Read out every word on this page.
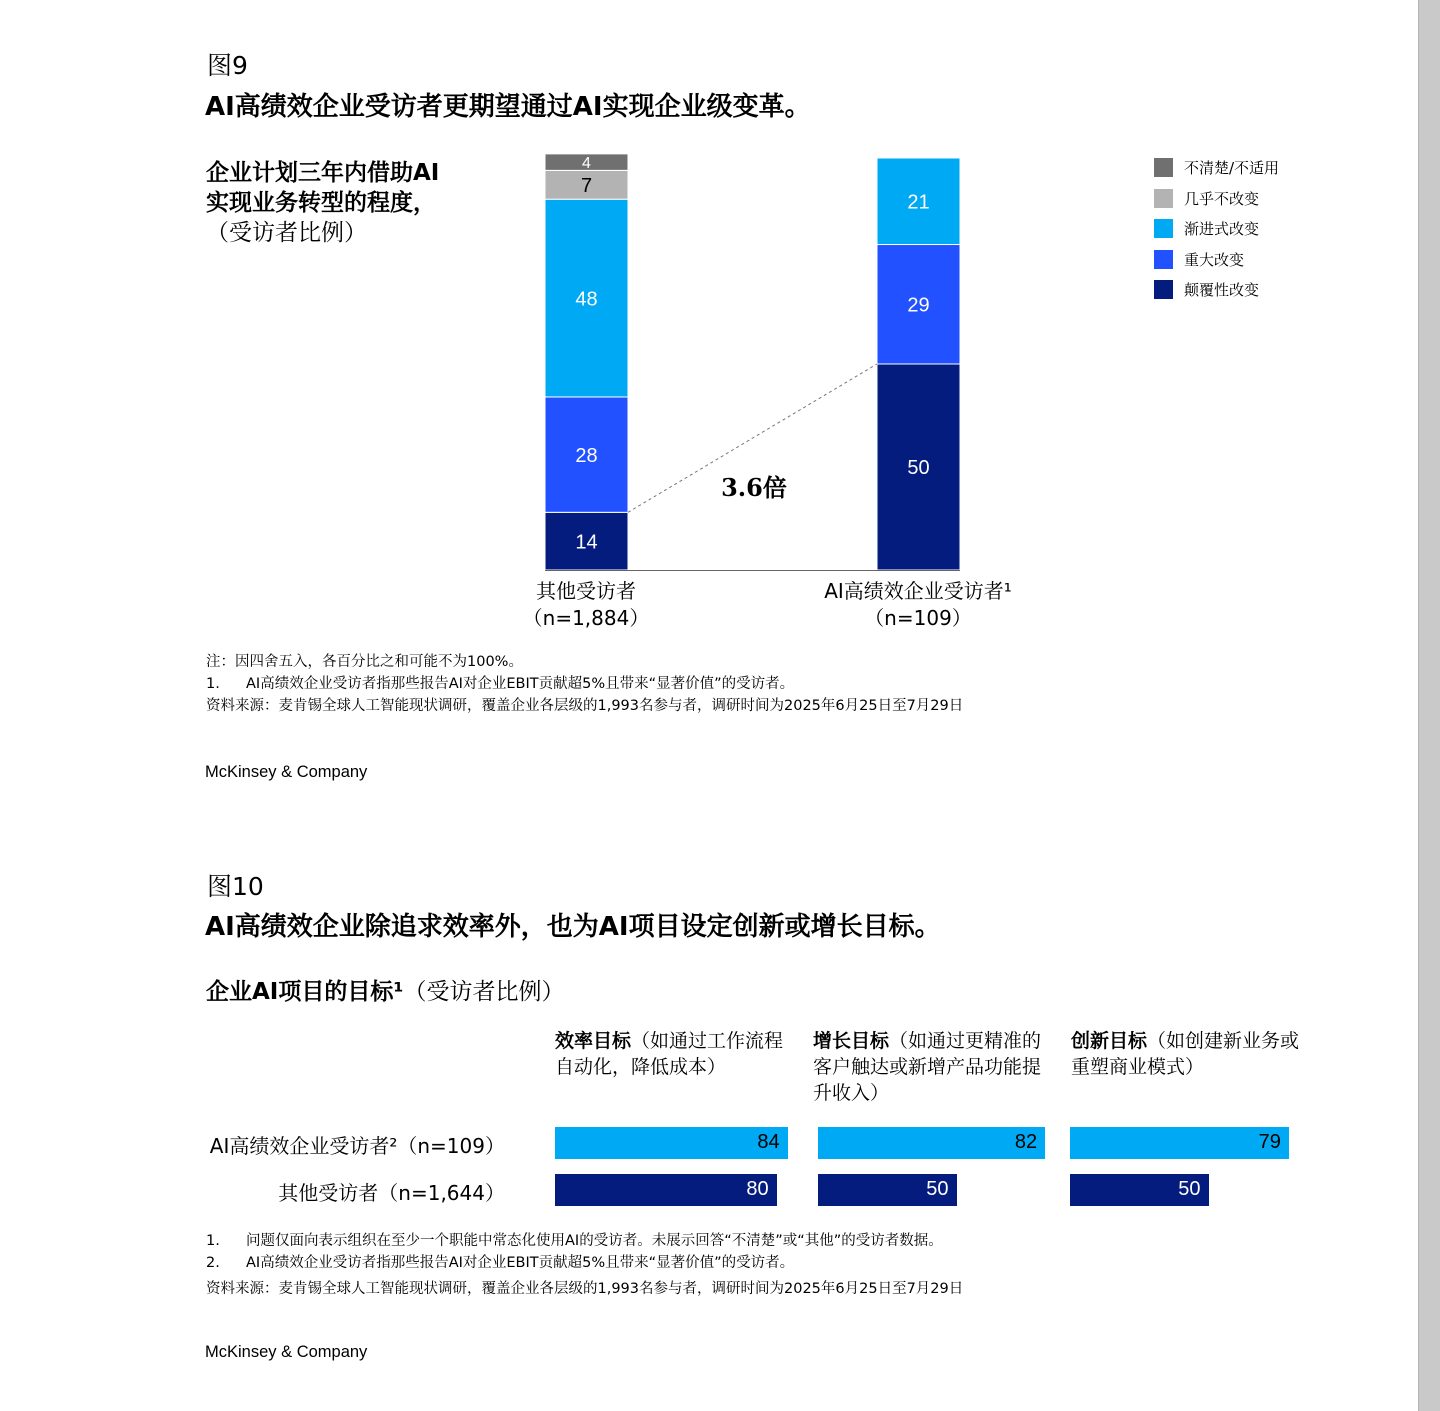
图9
AI高绩效企业受访者更期望通过AI实现企业级变革。
企业计划三年内借助AI
实现业务转型的程度，
（受访者比例）
14
28
48
7
4
50
29
21
3.6倍
其他受访者
（n=1,884）
AI高绩效企业受访者¹
（n=109）
不清楚/不适用
几乎不改变
渐进式改变
重大改变
颠覆性改变
注：因四舍五入，各百分比之和可能不为100%。
1. AI高绩效企业受访者指那些报告AI对企业EBIT贡献超5%且带来“显著价值”的受访者。
资料来源：麦肯锡全球人工智能现状调研，覆盖企业各层级的1,993名参与者，调研时间为2025年6月25日至7月29日
McKinsey & Company
图10
AI高绩效企业除追求效率外，也为AI项目设定创新或增长目标。
企业AI项目的目标¹（受访者比例）
效率目标（如通过工作流程自动化，降低成本）
增长目标（如通过更精准的客户触达或新增产品功能提升收入）
创新目标（如创建新业务或重塑商业模式）
AI高绩效企业受访者²（n=109）
其他受访者（n=1,644）
84	82	79
80	50	50
1. 问题仅面向表示组织在至少一个职能中常态化使用AI的受访者。未展示回答“不清楚”或“其他”的受访者数据。
2. AI高绩效企业受访者指那些报告AI对企业EBIT贡献超5%且带来“显著价值”的受访者。
资料来源：麦肯锡全球人工智能现状调研，覆盖企业各层级的1,993名参与者，调研时间为2025年6月25日至7月29日
McKinsey & Company
